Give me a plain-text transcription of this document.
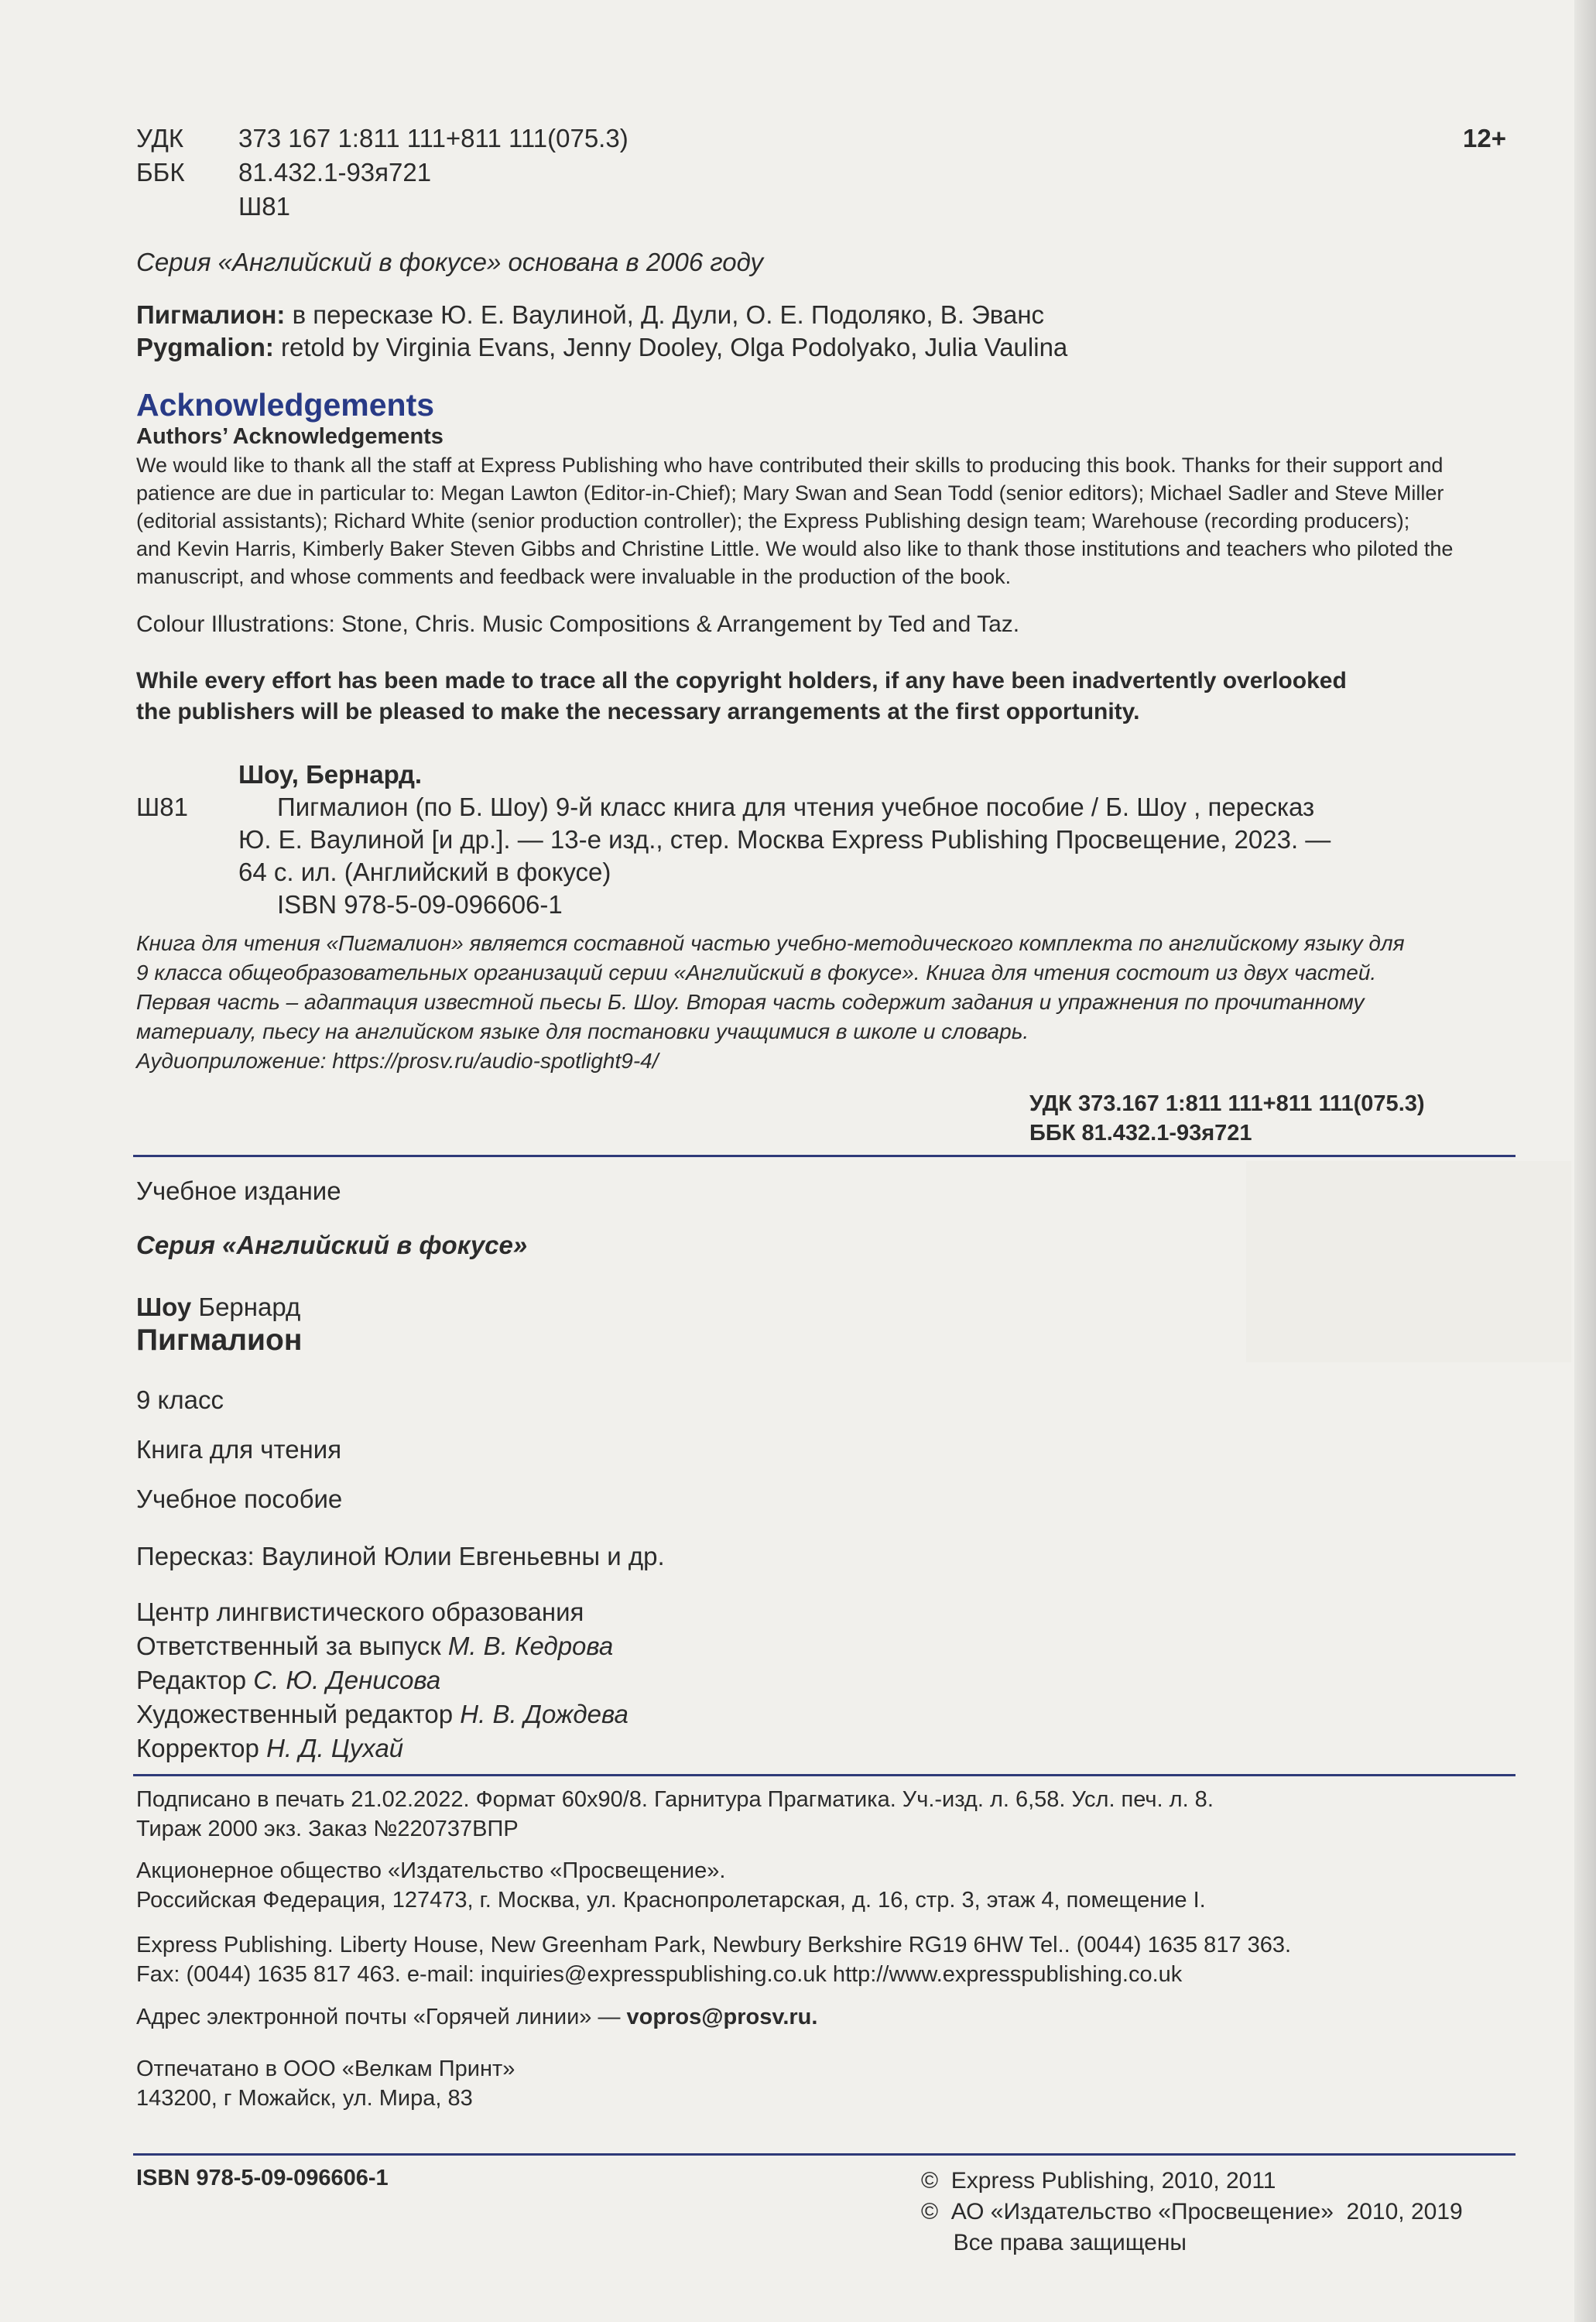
УДК 373 167 1:811 111+811 111(075.3)
ББК 81.432.1-93я721
Ш81
12+
Серия «Английский в фокусе» основана в 2006 году
Пигмалион: в пересказе Ю. Е. Ваулиной, Д. Дули, О. Е. Подоляко, В. Эванс
Pygmalion: retold by Virginia Evans, Jenny Dooley, Olga Podolyako, Julia Vaulina
Acknowledgements
Authors’ Acknowledgements
We would like to thank all the staff at Express Publishing who have contributed their skills to producing this book. Thanks for their support and
patience are due in particular to: Megan Lawton (Editor-in-Chief); Mary Swan and Sean Todd (senior editors); Michael Sadler and Steve Miller
(editorial assistants); Richard White (senior production controller); the Express Publishing design team; Warehouse (recording producers);
and Kevin Harris, Kimberly Baker Steven Gibbs and Christine Little. We would also like to thank those institutions and teachers who piloted the
manuscript, and whose comments and feedback were invaluable in the production of the book.
Colour Illustrations: Stone, Chris. Music Compositions & Arrangement by Ted and Taz.
While every effort has been made to trace all the copyright holders, if any have been inadvertently overlooked
the publishers will be pleased to make the necessary arrangements at the first opportunity.
Шоу, Бернард.
Ш81	Пигмалион (по Б. Шоу) 9-й класс книга для чтения учебное пособие / Б. Шоу , пересказ
Ю. Е. Ваулиной [и др.]. — 13-е изд., стер. Москва Express Publishing Просвещение, 2023. —
64 с. ил. (Английский в фокусе)
ISBN 978-5-09-096606-1
Книга для чтения «Пигмалион» является составной частью учебно-методического комплекта по английскому языку для
9 класса общеобразовательных организаций серии «Английский в фокусе». Книга для чтения состоит из двух частей.
Первая часть – адаптация известной пьесы Б. Шоу. Вторая часть содержит задания и упражнения по прочитанному
материалу, пьесу на английском языке для постановки учащимися в школе и словарь.
Аудиоприложение: https://prosv.ru/audio-spotlight9-4/
УДК 373.167 1:811 111+811 111(075.3)
ББК 81.432.1-93я721
Учебное издание
Серия «Английский в фокусе»
Шоу Бернард
Пигмалион
9 класс
Книга для чтения
Учебное пособие
Пересказ: Ваулиной Юлии Евгеньевны и др.
Центр лингвистического образования
Ответственный за выпуск М. В. Кедрова
Редактор С. Ю. Денисова
Художественный редактор Н. В. Дождева
Корректор Н. Д. Цухай
Подписано в печать 21.02.2022. Формат 60х90/8. Гарнитура Прагматика. Уч.-изд. л. 6,58. Усл. печ. л. 8.
Тираж 2000 экз. Заказ №220737ВПР
Акционерное общество «Издательство «Просвещение».
Российская Федерация, 127473, г. Москва, ул. Краснопролетарская, д. 16, стр. 3, этаж 4, помещение I.
Express Publishing. Liberty House, New Greenham Park, Newbury Berkshire RG19 6HW Tel.. (0044) 1635 817 363.
Fax: (0044) 1635 817 463. e-mail: inquiries@expresspublishing.co.uk http://www.expresspublishing.co.uk
Адрес электронной почты «Горячей линии» — vopros@prosv.ru.
Отпечатано в ООО «Велкам Принт»
143200, г Можайск, ул. Мира, 83
ISBN 978-5-09-096606-1	©  Express Publishing, 2010, 2011
©  АО «Издательство «Просвещение»  2010, 2019
Все права защищены
